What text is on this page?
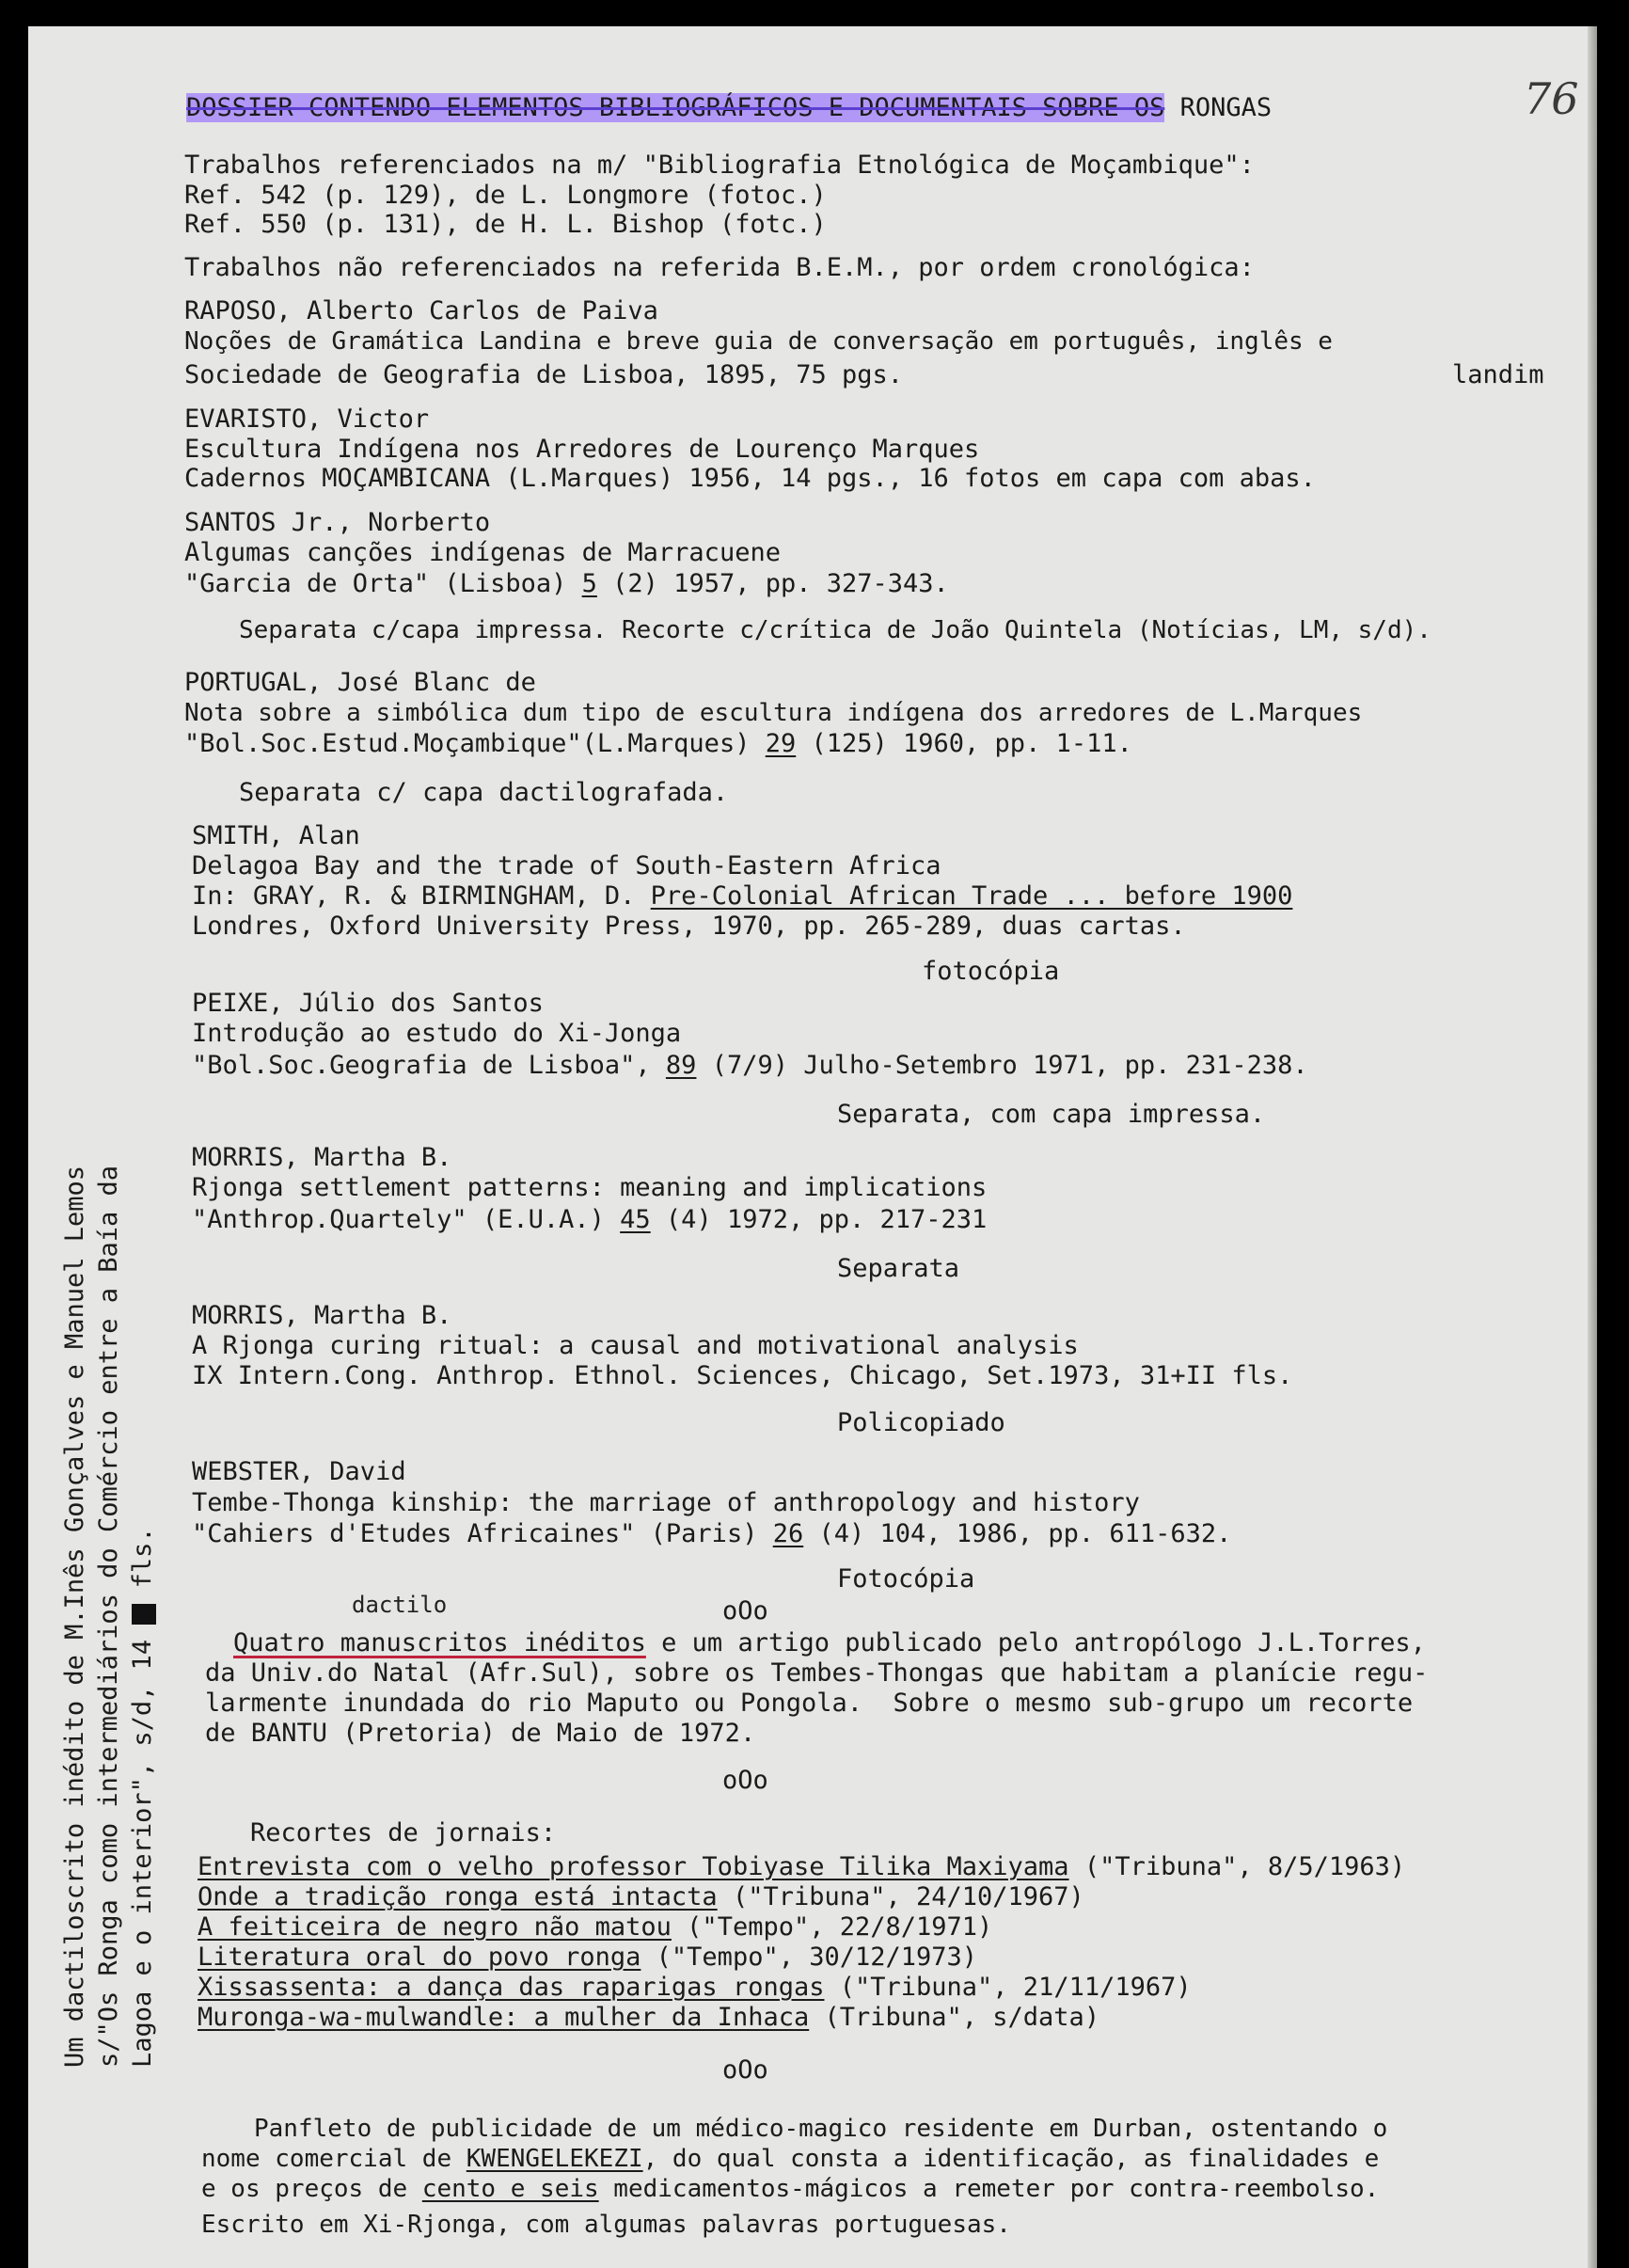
76
DOSSIER CONTENDO ELEMENTOS BIBLIOGRÁFICOS E DOCUMENTAIS SOBRE OS RONGAS
Trabalhos referenciados na m/ "Bibliografia Etnológica de Moçambique":
Ref. 542 (p. 129), de L. Longmore (fotoc.)
Ref. 550 (p. 131), de H. L. Bishop (fotc.)
Trabalhos não referenciados na referida B.E.M., por ordem cronológica:
RAPOSO, Alberto Carlos de Paiva
Noções de Gramática Landina e breve guia de conversação em português, inglês e
Sociedade de Geografia de Lisboa, 1895, 75 pgs.	landim
EVARISTO, Victor
Escultura Indígena nos Arredores de Lourenço Marques
Cadernos MOÇAMBICANA (L.Marques) 1956, 14 pgs., 16 fotos em capa com abas.
SANTOS Jr., Norberto
Algumas canções indígenas de Marracuene
"Garcia de Orta" (Lisboa) 5 (2) 1957, pp. 327-343.
Separata c/capa impressa. Recorte c/crítica de João Quintela (Notícias, LM, s/d).
PORTUGAL, José Blanc de
Nota sobre a simbólica dum tipo de escultura indígena dos arredores de L.Marques
"Bol.Soc.Estud.Moçambique"(L.Marques) 29 (125) 1960, pp. 1-11.
Separata c/ capa dactilografada.
SMITH, Alan
Delagoa Bay and the trade of South-Eastern Africa
In: GRAY, R. & BIRMINGHAM, D. Pre-Colonial African Trade ... before 1900
Londres, Oxford University Press, 1970, pp. 265-289, duas cartas.
fotocópia
PEIXE, Júlio dos Santos
Introdução ao estudo do Xi-Jonga
"Bol.Soc.Geografia de Lisboa", 89 (7/9) Julho-Setembro 1971, pp. 231-238.
Separata, com capa impressa.
MORRIS, Martha B.
Rjonga settlement patterns: meaning and implications
"Anthrop.Quartely" (E.U.A.) 45 (4) 1972, pp. 217-231
Separata
MORRIS, Martha B.
A Rjonga curing ritual: a causal and motivational analysis
IX Intern.Cong. Anthrop. Ethnol. Sciences, Chicago, Set.1973, 31+II fls.
Policopiado
WEBSTER, David
Tembe-Thonga kinship: the marriage of anthropology and history
"Cahiers d'Etudes Africaines" (Paris) 26 (4) 104, 1986, pp. 611-632.
Fotocópia
oOo
dactilo
Quatro manuscritos inéditos e um artigo publicado pelo antropólogo J.L.Torres,
da Univ.do Natal (Afr.Sul), sobre os Tembes-Thongas que habitam a planície regu-
larmente inundada do rio Maputo ou Pongola.  Sobre o mesmo sub-grupo um recorte
de BANTU (Pretoria) de Maio de 1972.
oOo
Recortes de jornais:
Entrevista com o velho professor Tobiyase Tilika Maxiyama ("Tribuna", 8/5/1963)
Onde a tradição ronga está intacta ("Tribuna", 24/10/1967)
A feiticeira de negro não matou ("Tempo", 22/8/1971)
Literatura oral do povo ronga ("Tempo", 30/12/1973)
Xissassenta: a dança das raparigas rongas ("Tribuna", 21/11/1967)
Muronga-wa-mulwandle: a mulher da Inhaca (Tribuna", s/data)
oOo
Panfleto de publicidade de um médico-magico residente em Durban, ostentando o
nome comercial de KWENGELEKEZI, do qual consta a identificação, as finalidades e
e os preços de cento e seis medicamentos-mágicos a remeter por contra-reembolso.
Escrito em Xi-Rjonga, com algumas palavras portuguesas.
Um dactiloscrito inédito de M.Inês Gonçalves e Manuel Lemos s/"Os Ronga como intermediários do Comércio entre a Baía da Lagoa e o interior", s/d, 14  fls.
